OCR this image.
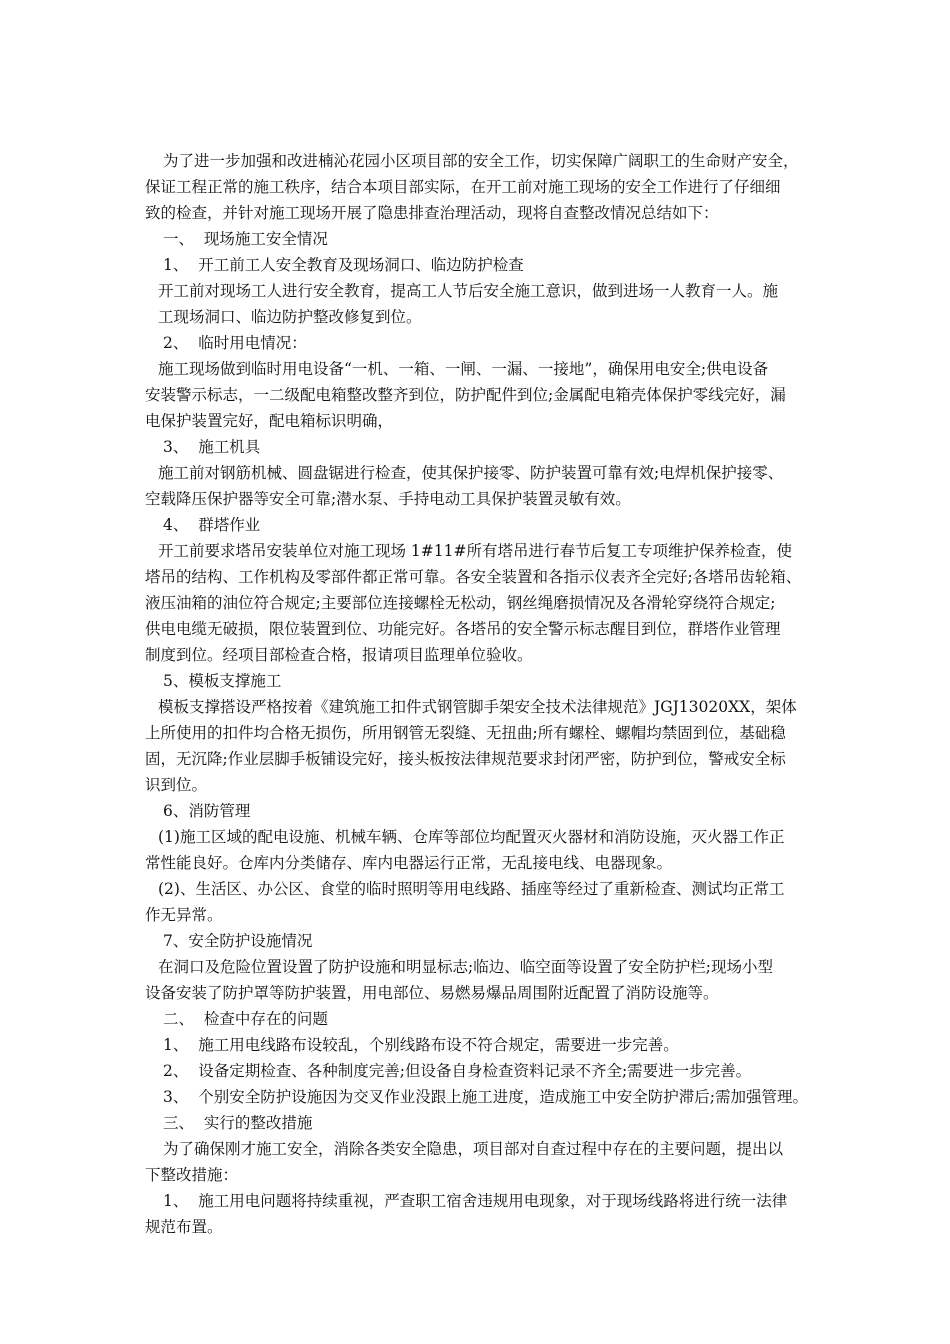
为了进一步加强和改进楠沁花园小区项目部的安全工作，切实保障广阔职工的生命财产安全，
保证工程正常的施工秩序，结合本项目部实际，在开工前对施工现场的安全工作进行了仔细细
致的检查，并针对施工现场开展了隐患排查治理活动，现将自查整改情况总结如下：
一、  现场施工安全情况
1、  开工前工人安全教育及现场洞口、临边防护检查
开工前对现场工人进行安全教育，提高工人节后安全施工意识，做到进场一人教育一人。施
工现场洞口、临边防护整改修复到位。
2、  临时用电情况：
施工现场做到临时用电设备“一机、一箱、一闸、一漏、一接地”，确保用电安全;供电设备
安装警示标志，一二级配电箱整改整齐到位，防护配件到位;金属配电箱壳体保护零线完好，漏
电保护装置完好，配电箱标识明确，
3、  施工机具
施工前对钢筋机械、圆盘锯进行检查，使其保护接零、防护装置可靠有效;电焊机保护接零、
空载降压保护器等安全可靠;潜水泵、手持电动工具保护装置灵敏有效。
4、  群塔作业
开工前要求塔吊安装单位对施工现场 1#11#所有塔吊进行春节后复工专项维护保养检查，使
塔吊的结构、工作机构及零部件都正常可靠。各安全装置和各指示仪表齐全完好;各塔吊齿轮箱、
液压油箱的油位符合规定;主要部位连接螺栓无松动，钢丝绳磨损情况及各滑轮穿绕符合规定;
供电电缆无破损，限位装置到位、功能完好。各塔吊的安全警示标志醒目到位，群塔作业管理
制度到位。经项目部检查合格，报请项目监理单位验收。
5、模板支撑施工
模板支撑搭设严格按着《建筑施工扣件式钢管脚手架安全技术法律规范》JGJ13020XX，架体
上所使用的扣件均合格无损伤，所用钢管无裂缝、无扭曲;所有螺栓、螺帽均禁固到位，基础稳
固，无沉降;作业层脚手板铺设完好，接头板按法律规范要求封闭严密，防护到位，警戒安全标
识到位。
6、消防管理
(1)施工区域的配电设施、机械车辆、仓库等部位均配置灭火器材和消防设施，灭火器工作正
常性能良好。仓库内分类储存、库内电器运行正常，无乱接电线、电器现象。
(2)、生活区、办公区、食堂的临时照明等用电线路、插座等经过了重新检查、测试均正常工
作无异常。
7、安全防护设施情况
在洞口及危险位置设置了防护设施和明显标志;临边、临空面等设置了安全防护栏;现场小型
设备安装了防护罩等防护装置，用电部位、易燃易爆品周围附近配置了消防设施等。
二、  检查中存在的问题
1、  施工用电线路布设较乱，个别线路布设不符合规定，需要进一步完善。
2、  设备定期检查、各种制度完善;但设备自身检查资料记录不齐全;需要进一步完善。
3、  个别安全防护设施因为交叉作业没跟上施工进度，造成施工中安全防护滞后;需加强管理。
三、  实行的整改措施
为了确保刚才施工安全，消除各类安全隐患，项目部对自查过程中存在的主要问题，提出以
下整改措施：
1、  施工用电问题将持续重视，严查职工宿舍违规用电现象，对于现场线路将进行统一法律
规范布置。
